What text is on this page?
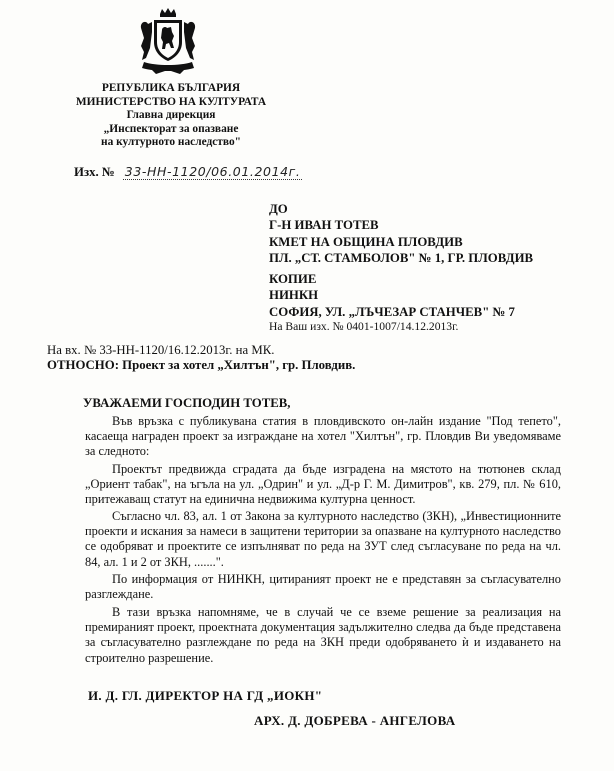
РЕПУБЛИКА БЪЛГАРИЯ
МИНИСТЕРСТВО НА КУЛТУРАТА
Главна дирекция
„Инспекторат за опазване
на културното наследство"
Изх. № 33-НН-1120/06.01.2014г.
ДО
Г-Н ИВАН ТОТЕВ
КМЕТ НА ОБЩИНА ПЛОВДИВ
ПЛ. „СТ. СТАМБОЛОВ" № 1, ГР. ПЛОВДИВ
КОПИЕ
НИНКН
СОФИЯ, УЛ. „ЛЪЧЕЗАР СТАНЧЕВ" № 7
На Ваш изх. № 0401-1007/14.12.2013г.
На вх. № 33-НН-1120/16.12.2013г. на МК.
ОТНОСНО: Проект за хотел „Хилтън", гр. Пловдив.
УВАЖАЕМИ ГОСПОДИН ТОТЕВ,
Във връзка с публикувана статия в пловдивското он-лайн издание "Под тепето", касаеща награден проект за изграждане на хотел "Хилтън", гр. Пловдив Ви уведомяваме за следното:
Проектът предвижда сградата да бъде изградена на мястото на тютюнев склад „Ориент табак", на ъгъла на ул. „Одрин" и ул. „Д-р Г. М. Димитров", кв. 279, пл. № 610, притежаващ статут на единична недвижима културна ценност.
Съгласно чл. 83, ал. 1 от Закона за културното наследство (ЗКН), „Инвестиционните проекти и искания за намеси в защитени територии за опазване на културното наследство се одобряват и проектите се изпълняват по реда на ЗУТ след съгласуване по реда на чл. 84, ал. 1 и 2 от ЗКН, .......".
По информация от НИНКН, цитираният проект не е представян за съгласувателно разглеждане.
В тази връзка напомняме, че в случай че се вземе решение за реализация на премираният проект, проектната документация задължително следва да бъде представена за съгласувателно разглеждане по реда на ЗКН преди одобряването ѝ и издаването на строително разрешение.
И. Д. ГЛ. ДИРЕКТОР НА ГД „ИОКН"
АРХ. Д. ДОБРЕВА - АНГЕЛОВА
